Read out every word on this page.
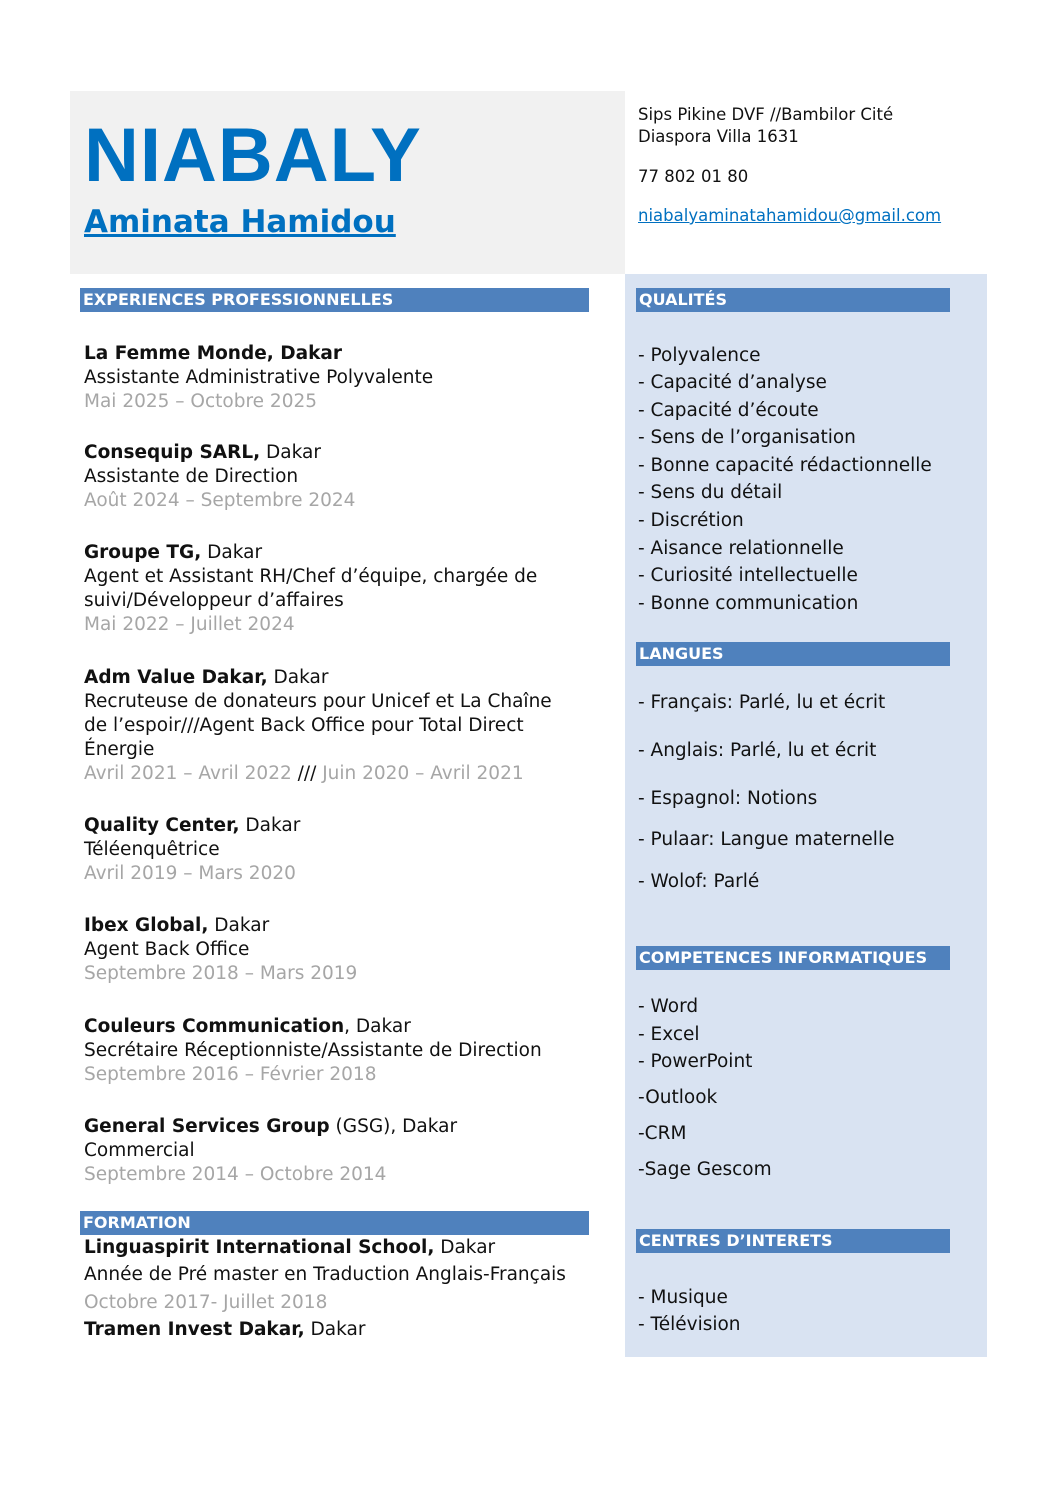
NIABALY
Aminata Hamidou
Sips Pikine DVF //Bambilor Cité
Diaspora Villa 1631
77 802 01 80
niabalyaminatahamidou@gmail.com
EXPERIENCES PROFESSIONNELLES
La Femme Monde, Dakar
Assistante Administrative Polyvalente
Mai 2025 – Octobre 2025
Consequip SARL, Dakar
Assistante de Direction
Août 2024 – Septembre 2024
Groupe TG, Dakar
Agent et Assistant RH/Chef d’équipe, chargée de
suivi/Développeur d’affaires
Mai 2022 – Juillet 2024
Adm Value Dakar, Dakar
Recruteuse de donateurs pour Unicef et La Chaîne
de l’espoir///Agent Back Office pour Total Direct
Énergie
Avril 2021 – Avril 2022 /// Juin 2020 – Avril 2021
Quality Center, Dakar
Téléenquêtrice
Avril 2019 – Mars 2020
Ibex Global, Dakar
Agent Back Office
Septembre 2018 – Mars 2019
Couleurs Communication, Dakar
Secrétaire Réceptionniste/Assistante de Direction
Septembre 2016 – Février 2018
General Services Group (GSG), Dakar
Commercial
Septembre 2014 – Octobre 2014
FORMATION
Linguaspirit International School, Dakar
Année de Pré master en Traduction Anglais-Français
Octobre 2017- Juillet 2018
Tramen Invest Dakar, Dakar
QUALITÉS
- Polyvalence
- Capacité d’analyse
- Capacité d’écoute
- Sens de l’organisation
- Bonne capacité rédactionnelle
- Sens du détail
- Discrétion
- Aisance relationnelle
- Curiosité intellectuelle
- Bonne communication
LANGUES
- Français: Parlé, lu et écrit
- Anglais: Parlé, lu et écrit
- Espagnol: Notions
- Pulaar: Langue maternelle
- Wolof: Parlé
COMPETENCES INFORMATIQUES
- Word
- Excel
- PowerPoint
-Outlook
-CRM
-Sage Gescom
CENTRES D’INTERETS
- Musique
- Télévision
